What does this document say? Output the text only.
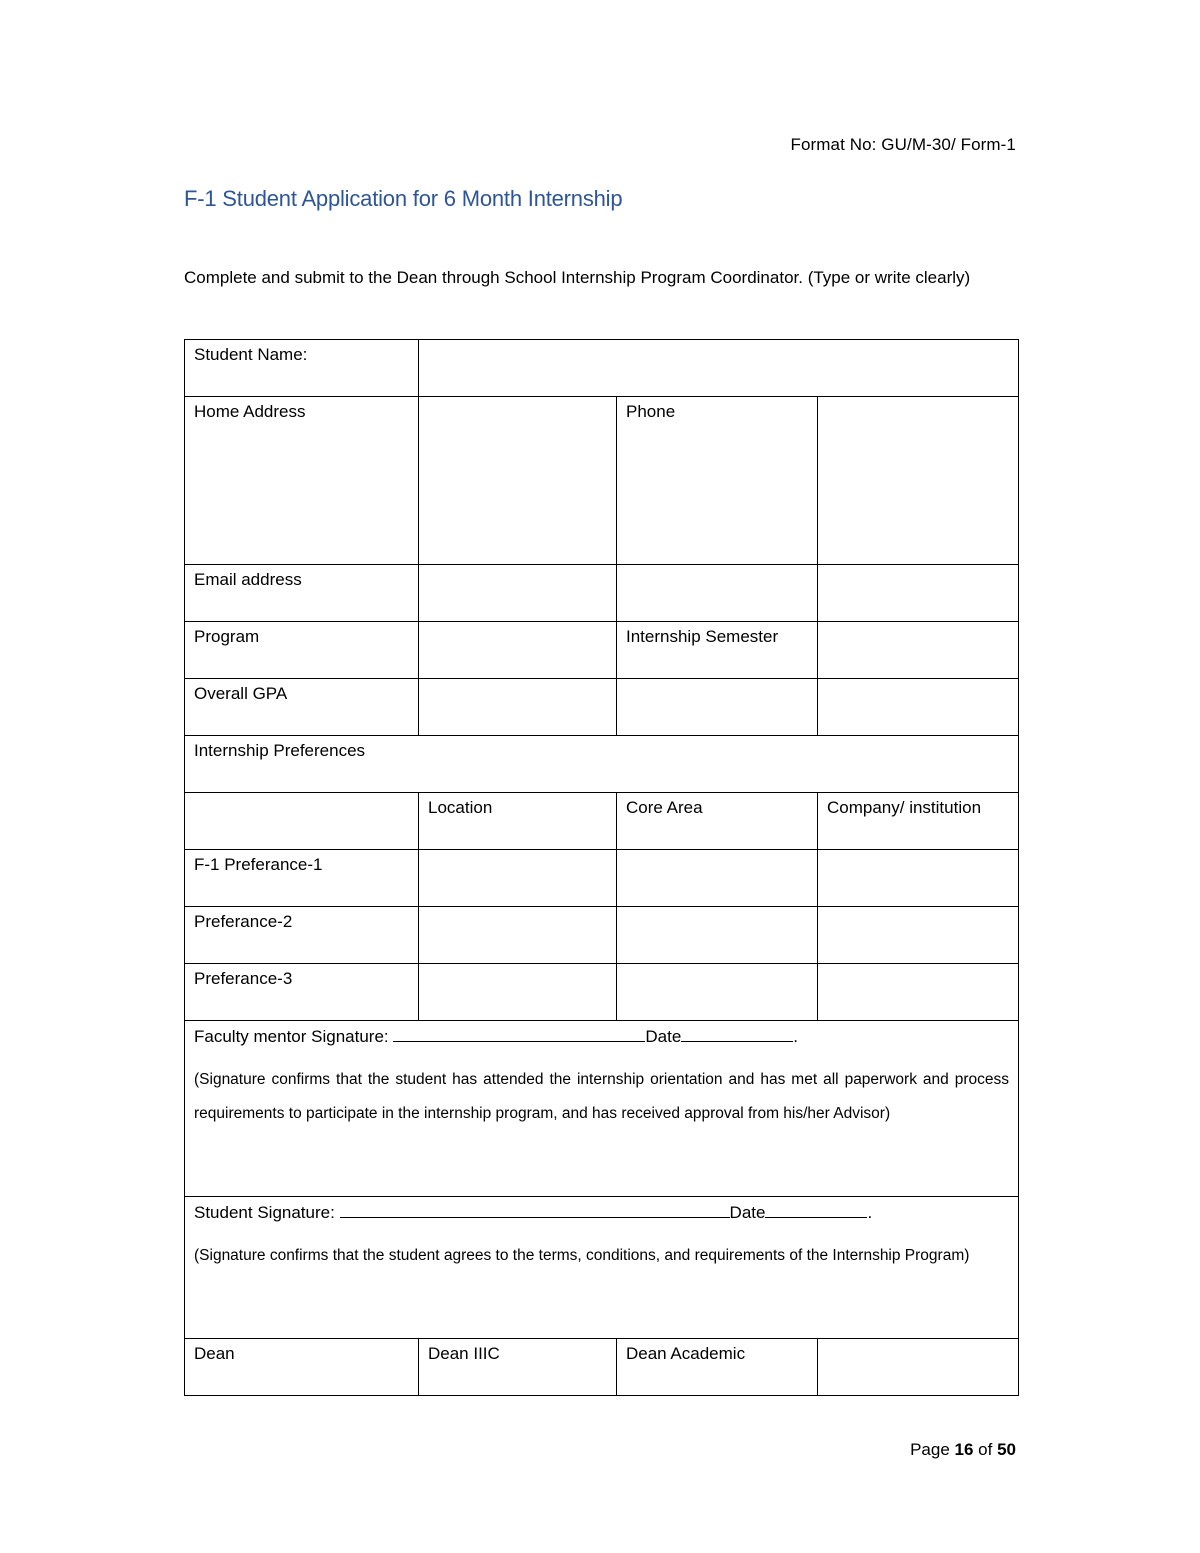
Format No: GU/M-30/ Form-1
F-1 Student Application for 6 Month Internship
Complete and submit to the Dean through School Internship Program Coordinator. (Type or write clearly)
Student Name:			
Home Address		Phone	
Email address			
Program		Internship Semester	
Overall GPA			
Internship Preferences			
	Location	Core Area	Company/ institution
F-1 Preferance-1			
Preferance-2			
Preferance-3			

Faculty mentor Signature: Date .

(Signature confirms that the student has attended the internship orientation and has met all paperwork and process requirements to participate in the internship program, and has received approval from his/her Advisor)			

Student Signature: Date .

(Signature confirms that the student agrees to the terms, conditions, and requirements of the Internship Program)			

Dean	Dean IIIC	Dean Academic	
Page 16 of 50
